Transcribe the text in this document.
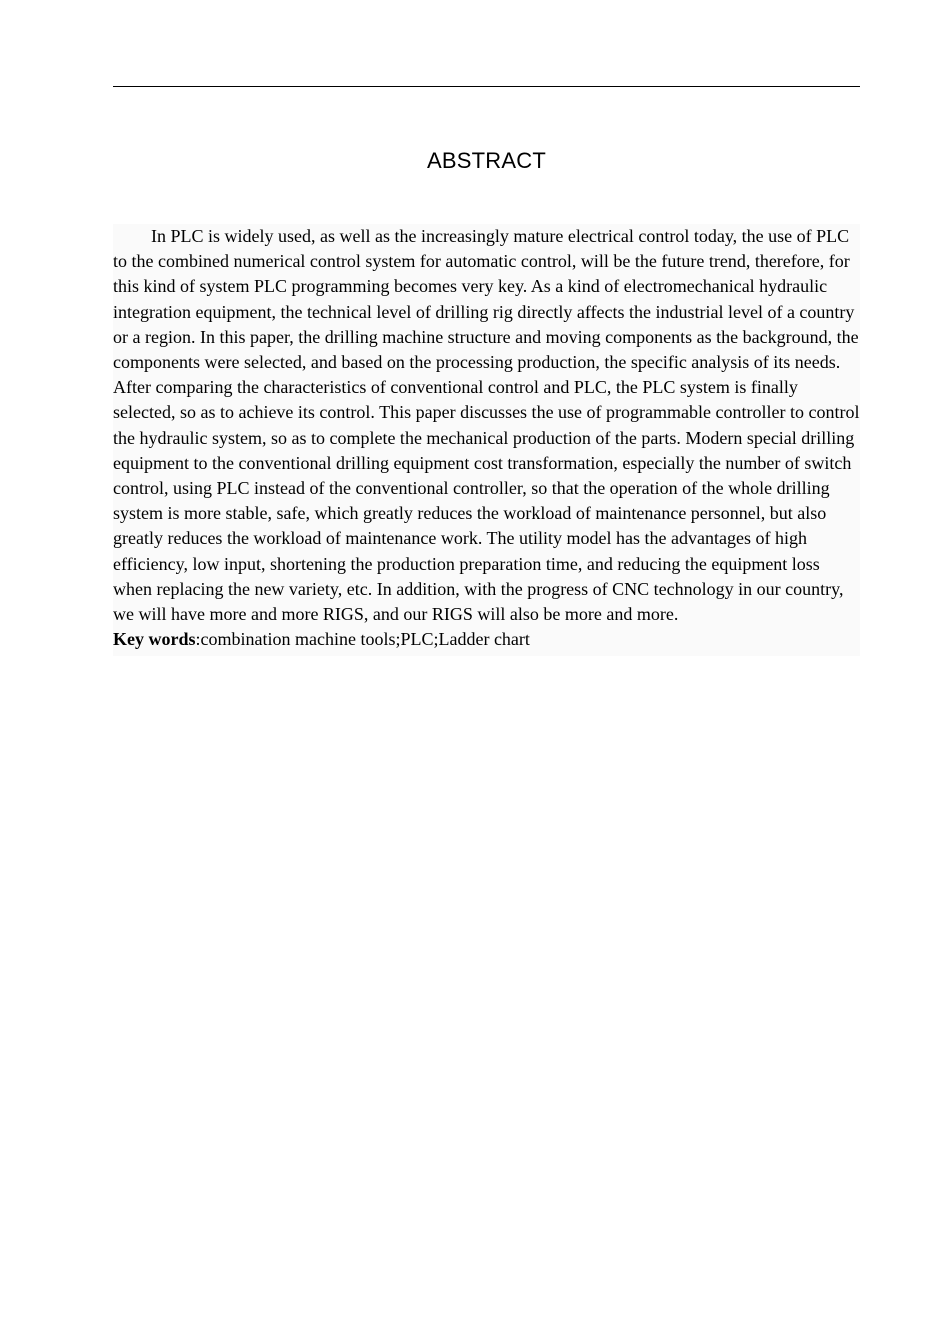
ABSTRACT

In PLC is widely used, as well as the increasingly mature electrical control today, the use of PLC to the combined numerical control system for automatic control, will be the future trend, therefore, for this kind of system PLC programming becomes very key. As a kind of electromechanical hydraulic integration equipment, the technical level of drilling rig directly affects the industrial level of a country or a region. In this paper, the drilling machine structure and moving components as the background, the components were selected, and based on the processing production, the specific analysis of its needs. After comparing the characteristics of conventional control and PLC, the PLC system is finally selected, so as to achieve its control. This paper discusses the use of programmable controller to control the hydraulic system, so as to complete the mechanical production of the parts. Modern special drilling equipment to the conventional drilling equipment cost transformation, especially the number of switch control, using PLC instead of the conventional controller, so that the operation of the whole drilling system is more stable, safe, which greatly reduces the workload of maintenance personnel, but also greatly reduces the workload of maintenance work. The utility model has the advantages of high efficiency, low input, shortening the production preparation time, and reducing the equipment loss when replacing the new variety, etc. In addition, with the progress of CNC technology in our country, we will have more and more RIGS, and our RIGS will also be more and more.

Key words:combination machine tools;PLC;Ladder chart
